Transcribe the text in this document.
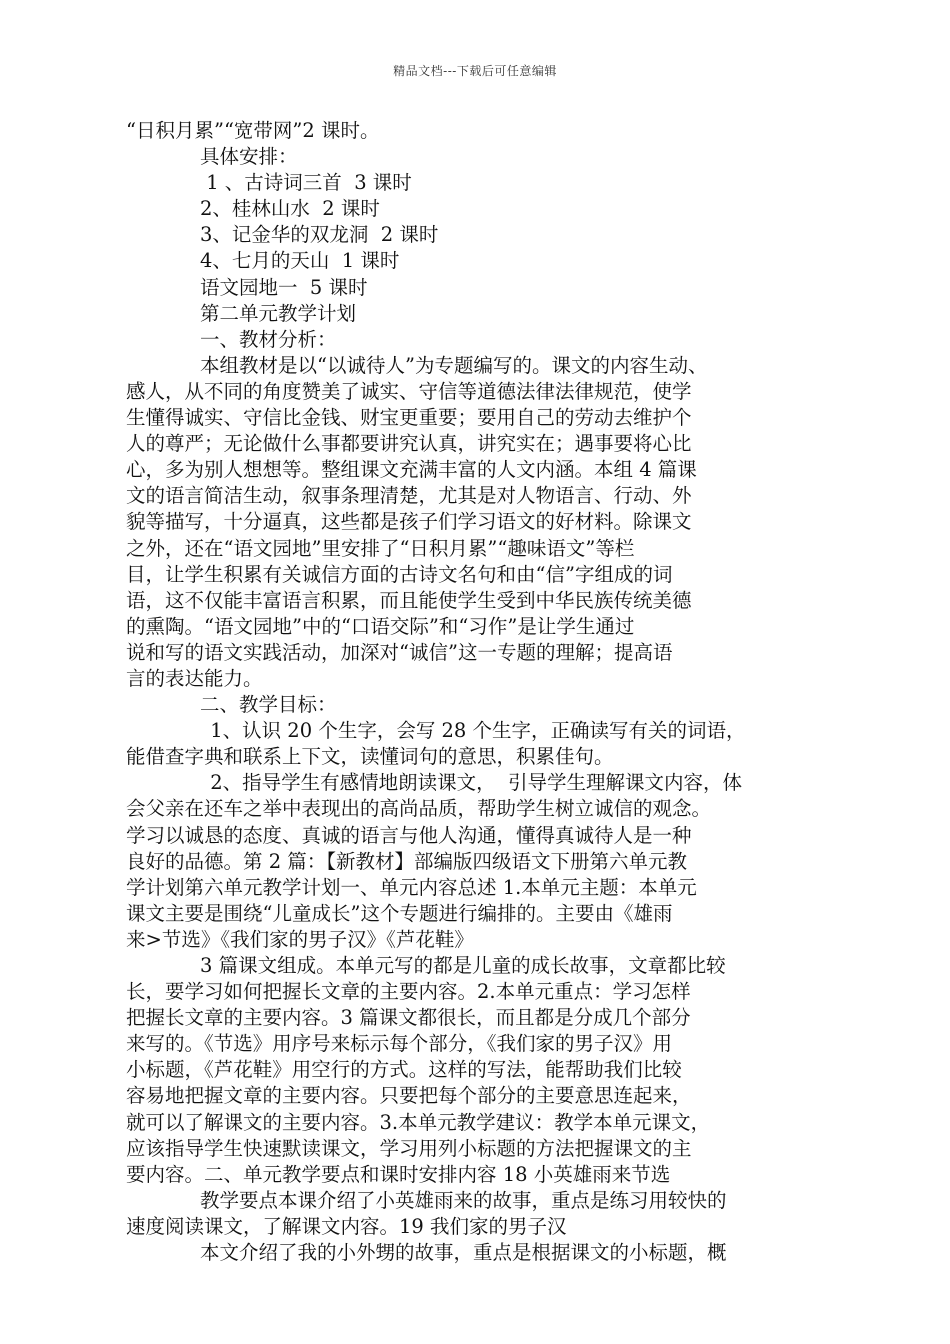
精品文档---下载后可任意编辑
“日积月累”“宽带网”2 课时。
具体安排：
1 、古诗词三首  3 课时
2、桂林山水  2 课时
3、记金华的双龙洞  2 课时
4、七月的天山  1 课时
语文园地一  5 课时
第二单元教学计划
一、教材分析：
本组教材是以“以诚待人”为专题编写的。课文的内容生动、
感人，从不同的角度赞美了诚实、守信等道德法律法律规范，使学
生懂得诚实、守信比金钱、财宝更重要；要用自己的劳动去维护个
人的尊严；无论做什么事都要讲究认真，讲究实在；遇事要将心比
心，多为别人想想等。整组课文充满丰富的人文内涵。本组 4 篇课
文的语言简洁生动，叙事条理清楚，尤其是对人物语言、行动、外
貌等描写，十分逼真，这些都是孩子们学习语文的好材料。除课文
之外，还在“语文园地”里安排了“日积月累”“趣味语文”等栏
目，让学生积累有关诚信方面的古诗文名句和由“信”字组成的词
语，这不仅能丰富语言积累，而且能使学生受到中华民族传统美德
的熏陶。“语文园地”中的“口语交际”和“习作”是让学生通过
说和写的语文实践活动，加深对“诚信”这一专题的理解；提高语
言的表达能力。
二、教学目标：
1、认识 20 个生字，会写 28 个生字，正确读写有关的词语，
能借查字典和联系上下文，读懂词句的意思，积累佳句。
2、指导学生有感情地朗读课文，  引导学生理解课文内容，体
会父亲在还车之举中表现出的高尚品质，帮助学生树立诚信的观念。
学习以诚恳的态度、真诚的语言与他人沟通，懂得真诚待人是一种
良好的品德。第 2 篇：【新教材】部编版四级语文下册第六单元教
学计划第六单元教学计划一、单元内容总述 1.本单元主题：本单元
课文主要是围绕“儿童成长”这个专题进行编排的。主要由《雄雨
来>节选》《我们家的男子汉》《芦花鞋》
3 篇课文组成。本单元写的都是儿童的成长故事，文章都比较
长，要学习如何把握长文章的主要内容。2.本单元重点：学习怎样
把握长文章的主要内容。3 篇课文都很长，而且都是分成几个部分
来写的。《节选》用序号来标示每个部分，《我们家的男子汉》用
小标题，《芦花鞋》用空行的方式。这样的写法，能帮助我们比较
容易地把握文章的主要内容。只要把每个部分的主要意思连起来，
就可以了解课文的主要内容。3.本单元教学建议：教学本单元课文，
应该指导学生快速默读课文，学习用列小标题的方法把握课文的主
要内容。二、单元教学要点和课时安排内容 18 小英雄雨来节选
教学要点本课介绍了小英雄雨来的故事，重点是练习用较快的
速度阅读课文，了解课文内容。19 我们家的男子汉
本文介绍了我的小外甥的故事，重点是根据课文的小标题，概
